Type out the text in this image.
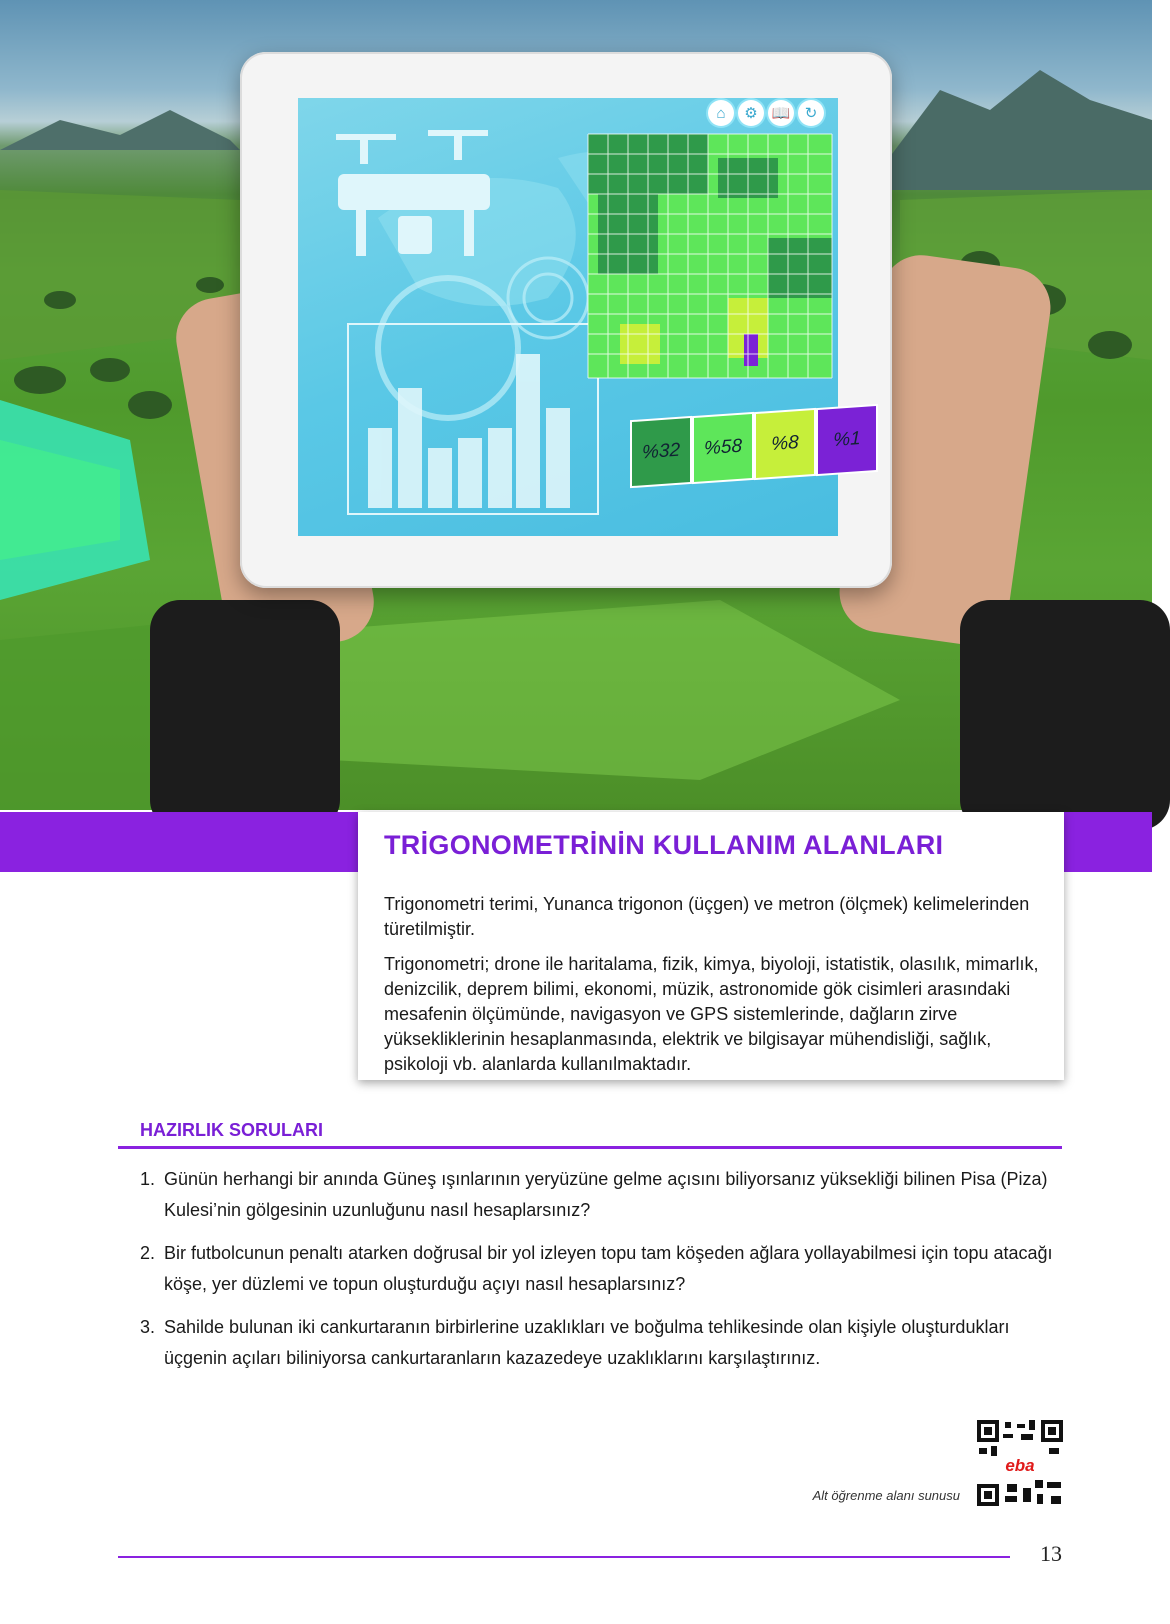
⌂	⚙ 📖 ↻
%32	%58	%8	%1
TRİGONOMETRİNİN KULLANIM ALANLARI

Trigonometri terimi, Yunanca trigonon (üçgen) ve metron (ölçmek) kelimelerinden türetilmiştir.

Trigonometri; drone ile haritalama, fizik, kimya, biyoloji, istatistik, olasılık, mimarlık, denizcilik, deprem bilimi, ekonomi, müzik, astronomide gök cisimleri arasındaki mesafenin ölçümünde, navigasyon ve GPS sistemlerinde, dağların zirve yüksekliklerinin hesaplanmasında, elektrik ve bilgisayar mühendisliği, sağlık, psikoloji vb. alanlarda kullanılmaktadır.

HAZIRLIK SORULARI
1. Günün herhangi bir anında Güneş ışınlarının yeryüzüne gelme açısını biliyorsanız yüksekliği bilinen Pisa (Piza) Kulesi’nin gölgesinin uzunluğunu nasıl hesaplarsınız?
2. Bir futbolcunun penaltı atarken doğrusal bir yol izleyen topu tam köşeden ağlara yollayabilmesi için topu atacağı köşe, yer düzlemi ve topun oluşturduğu açıyı nasıl hesaplarsınız?
3. Sahilde bulunan iki cankurtaranın birbirlerine uzaklıkları ve boğulma tehlikesinde olan kişiyle oluşturdukları üçgenin açıları biliniyorsa cankurtaranların kazazedeye uzaklıklarını karşılaştırınız.
eba
Alt öğrenme alanı sunusu
13
